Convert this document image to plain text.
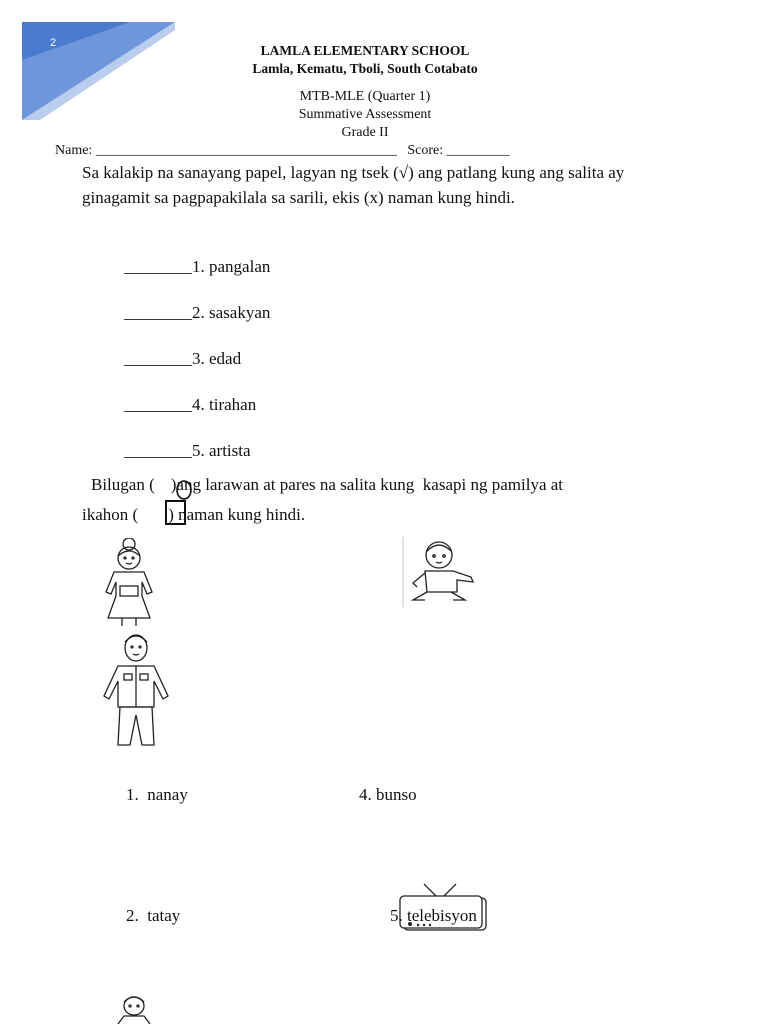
2	LAMLA ELEMENTARY SCHOOL
Lamla, Kematu, Tboli, South Cotabato
MTB-MLE (Quarter 1)
Summative Assessment
Grade II
Name: ___________________________________________ Score: _________
Sa kalakip na sanayang papel, lagyan ng tsek (√) ang patlang kung ang salita ay ginagamit sa pagpapakilala sa sarili, ekis (x) naman kung hindi.
________1. pangalan
________2. sasakyan
________3. edad
________4. tirahan
________5. artista
Bilugan ( )ang larawan at pares na salita kung  kasapi ng pamilya at
ikahon ( ) naman kung hindi.
1. nanay	4. bunso
2. tatay	5. telebisyon
